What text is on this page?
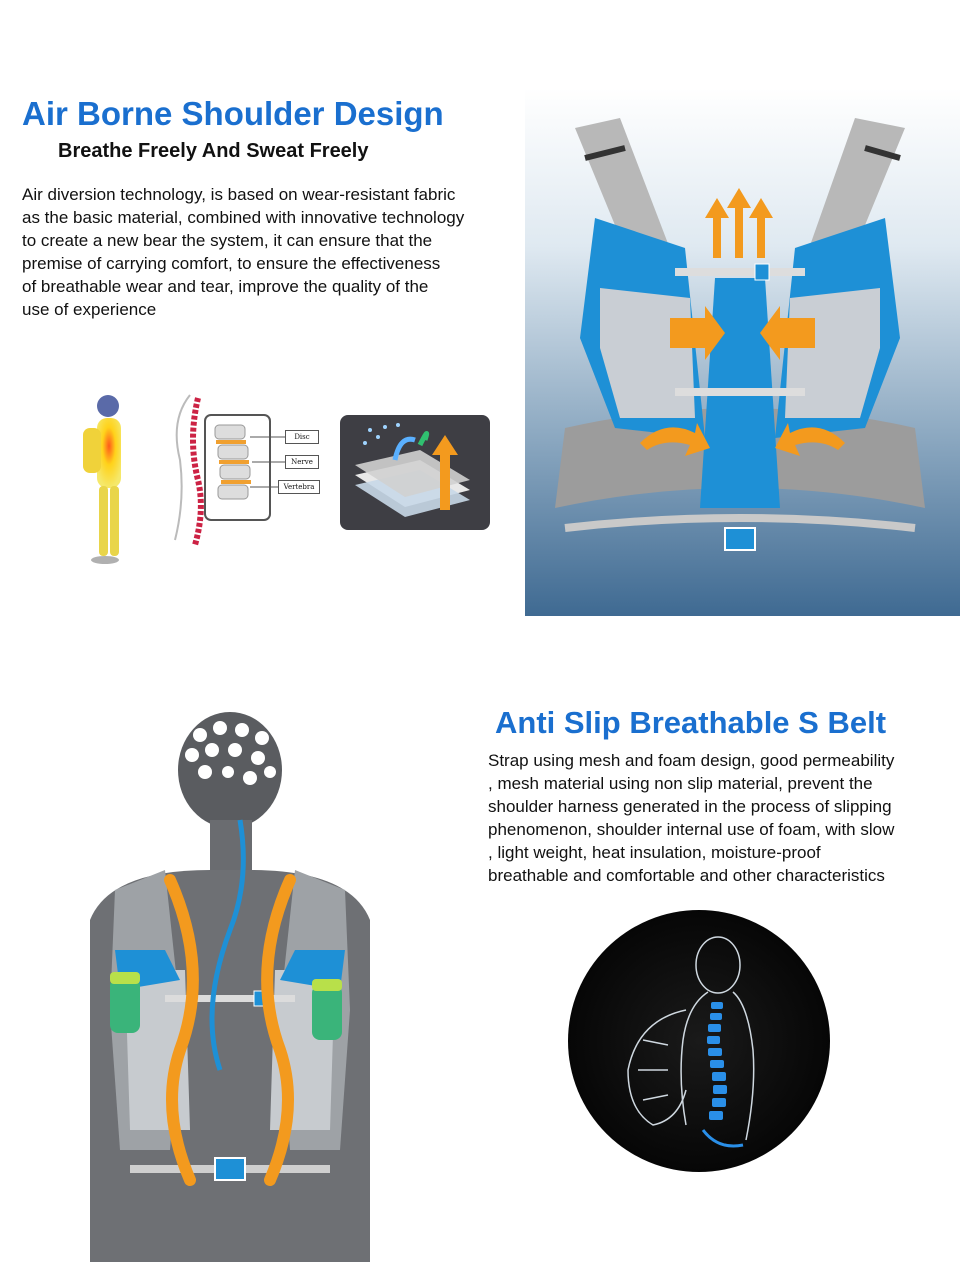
Air Borne Shoulder Design
Breathe Freely And Sweat Freely
Air diversion technology, is based on wear-resistant fabric
as the basic material, combined with innovative technology
to create a new bear the system, it can ensure that the
premise of carrying comfort, to ensure the effectiveness
of breathable wear and tear, improve the quality of the
use of experience
Disc
Nerve
Vertebra
Anti Slip Breathable S Belt
Strap using mesh and foam design, good permeability
, mesh material using non slip material, prevent the
shoulder harness generated in the process of slipping
phenomenon, shoulder internal use of foam, with slow
, light weight, heat insulation, moisture-proof
breathable and comfortable and other characteristics
